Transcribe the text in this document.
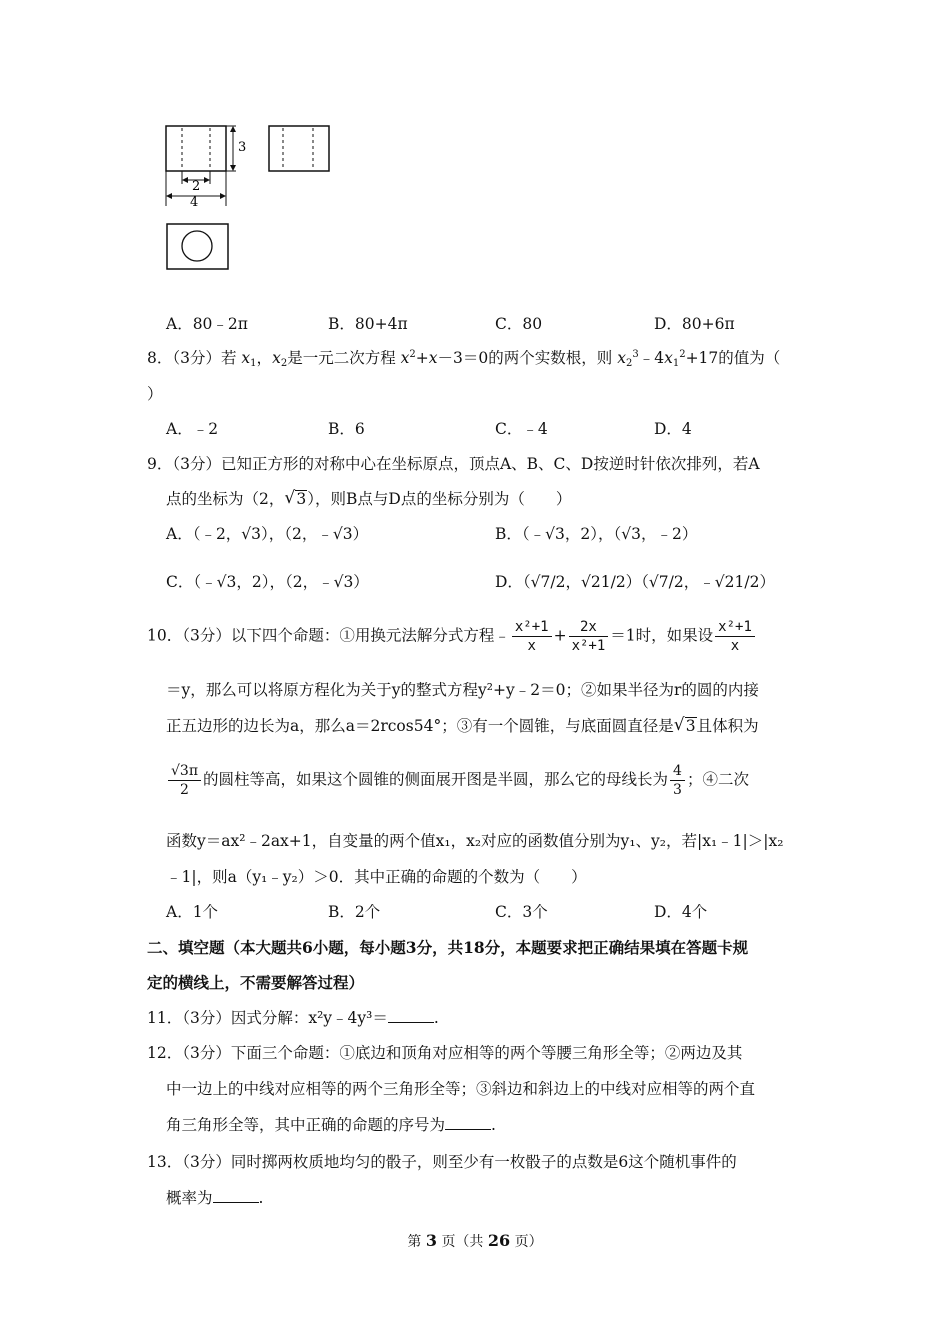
3
2
4
A．80﹣2π	B．80+4π	C．80	D．80+6π
8．（3分）若 $x_1$，$x_2$是一元二次方程 $x^2+x-3=0$的两个实数根，则 $x_2^3﹣4x_1^2+17$的值为（
）
A．﹣2	B．6	C．﹣4	D．4
9．（3分）已知正方形的对称中心在坐标原点，顶点A、B、C、D按逆时针依次排列，若A
点的坐标为（2， √ 3），则B点与D点的坐标分别为（　　）
A．（﹣2，√3），（2，﹣√3）	B．（﹣√3，2），（√3，﹣2）
C．（﹣√3，2），（2，﹣√3）	D．（√7/2，√21/2）（√7/2，﹣√21/2）
10．（3分）以下四个命题：①用换元法解分式方程﹣ $\frac{\text{x²+1}}{x} + \frac{2x}{\text{x²+1}} =1$时，如果设 $\frac{\text{x²+1}}{x}$
＝y，那么可以将原方程化为关于y的整式方程y²+y﹣2＝0；②如果半径为r的圆的内接
正五边形的边长为a，那么a＝2rcos54°；③有一个圆锥，与底面圆直径是 √ 3且体积为
$\frac{√3\pi}{2}$ 的圆柱等高，如果这个圆锥的侧面展开图是半圆，那么它的母线长为 $\frac{4}{3}$ ；④二次
函数y＝ax²﹣2ax+1，自变量的两个值x₁，x₂对应的函数值分别为y₁、y₂，若|x₁﹣1|＞|x₂
﹣1|，则a（y₁﹣y₂）＞0．其中正确的命题的个数为（　　）
A．1个	B．2个	C．3个	D．4个
二、填空题（本大题共6小题，每小题3分，共18分，本题要求把正确结果填在答题卡规
定的横线上，不需要解答过程）
11．（3分）因式分解：x²y﹣4y³＝	.
12．（3分）下面三个命题：①底边和顶角对应相等的两个等腰三角形全等；②两边及其
中一边上的中线对应相等的两个三角形全等；③斜边和斜边上的中线对应相等的两个直
角三角形全等，其中正确的命题的序号为	.
13．（3分）同时掷两枚质地均匀的骰子，则至少有一枚骰子的点数是6这个随机事件的
概率为	.
第 3 页（共 26 页）
